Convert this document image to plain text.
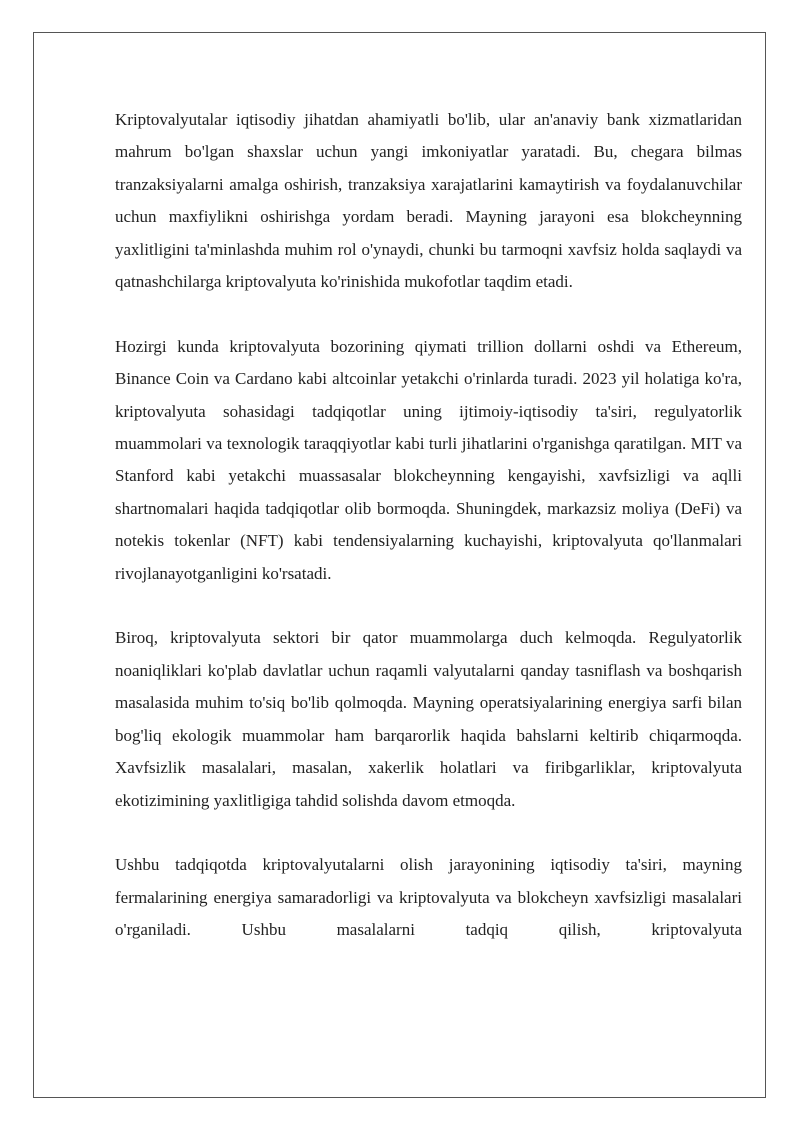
Kriptovalyutalar iqtisodiy jihatdan ahamiyatli bo'lib, ular an'anaviy bank xizmatlaridan mahrum bo'lgan shaxslar uchun yangi imkoniyatlar yaratadi. Bu, chegara bilmas tranzaksiyalarni amalga oshirish, tranzaksiya xarajatlarini kamaytirish va foydalanuvchilar uchun maxfiylikni oshirishga yordam beradi. Mayning jarayoni esa blokcheynning yaxlitligini ta'minlashda muhim rol o'ynaydi, chunki bu tarmoqni xavfsiz holda saqlaydi va qatnashchilarga kriptovalyuta ko'rinishida mukofotlar taqdim etadi.

Hozirgi kunda kriptovalyuta bozorining qiymati trillion dollarni oshdi va Ethereum, Binance Coin va Cardano kabi altcoinlar yetakchi o'rinlarda turadi. 2023 yil holatiga ko'ra, kriptovalyuta sohasidagi tadqiqotlar uning ijtimoiy-iqtisodiy ta'siri, regulyatorlik muammolari va texnologik taraqqiyotlar kabi turli jihatlarini o'rganishga qaratilgan. MIT va Stanford kabi yetakchi muassasalar blokcheynning kengayishi, xavfsizligi va aqlli shartnomalari haqida tadqiqotlar olib bormoqda. Shuningdek, markazsiz moliya (DeFi) va notekis tokenlar (NFT) kabi tendensiyalarning kuchayishi, kriptovalyuta qo'llanmalari rivojlanayotganligini ko'rsatadi.

Biroq, kriptovalyuta sektori bir qator muammolarga duch kelmoqda. Regulyatorlik noaniqliklari ko'plab davlatlar uchun raqamli valyutalarni qanday tasniflash va boshqarish masalasida muhim to'siq bo'lib qolmoqda. Mayning operatsiyalarining energiya sarfi bilan bog'liq ekologik muammolar ham barqarorlik haqida bahslarni keltirib chiqarmoqda. Xavfsizlik masalalari, masalan, xakerlik holatlari va firibgarliklar, kriptovalyuta ekotizimining yaxlitligiga tahdid solishda davom etmoqda.

Ushbu tadqiqotda kriptovalyutalarni olish jarayonining iqtisodiy ta'siri, mayning fermalarining energiya samaradorligi va kriptovalyuta va blokcheyn xavfsizligi masalalari o'rganiladi. Ushbu masalalarni tadqiq qilish, kriptovalyuta
